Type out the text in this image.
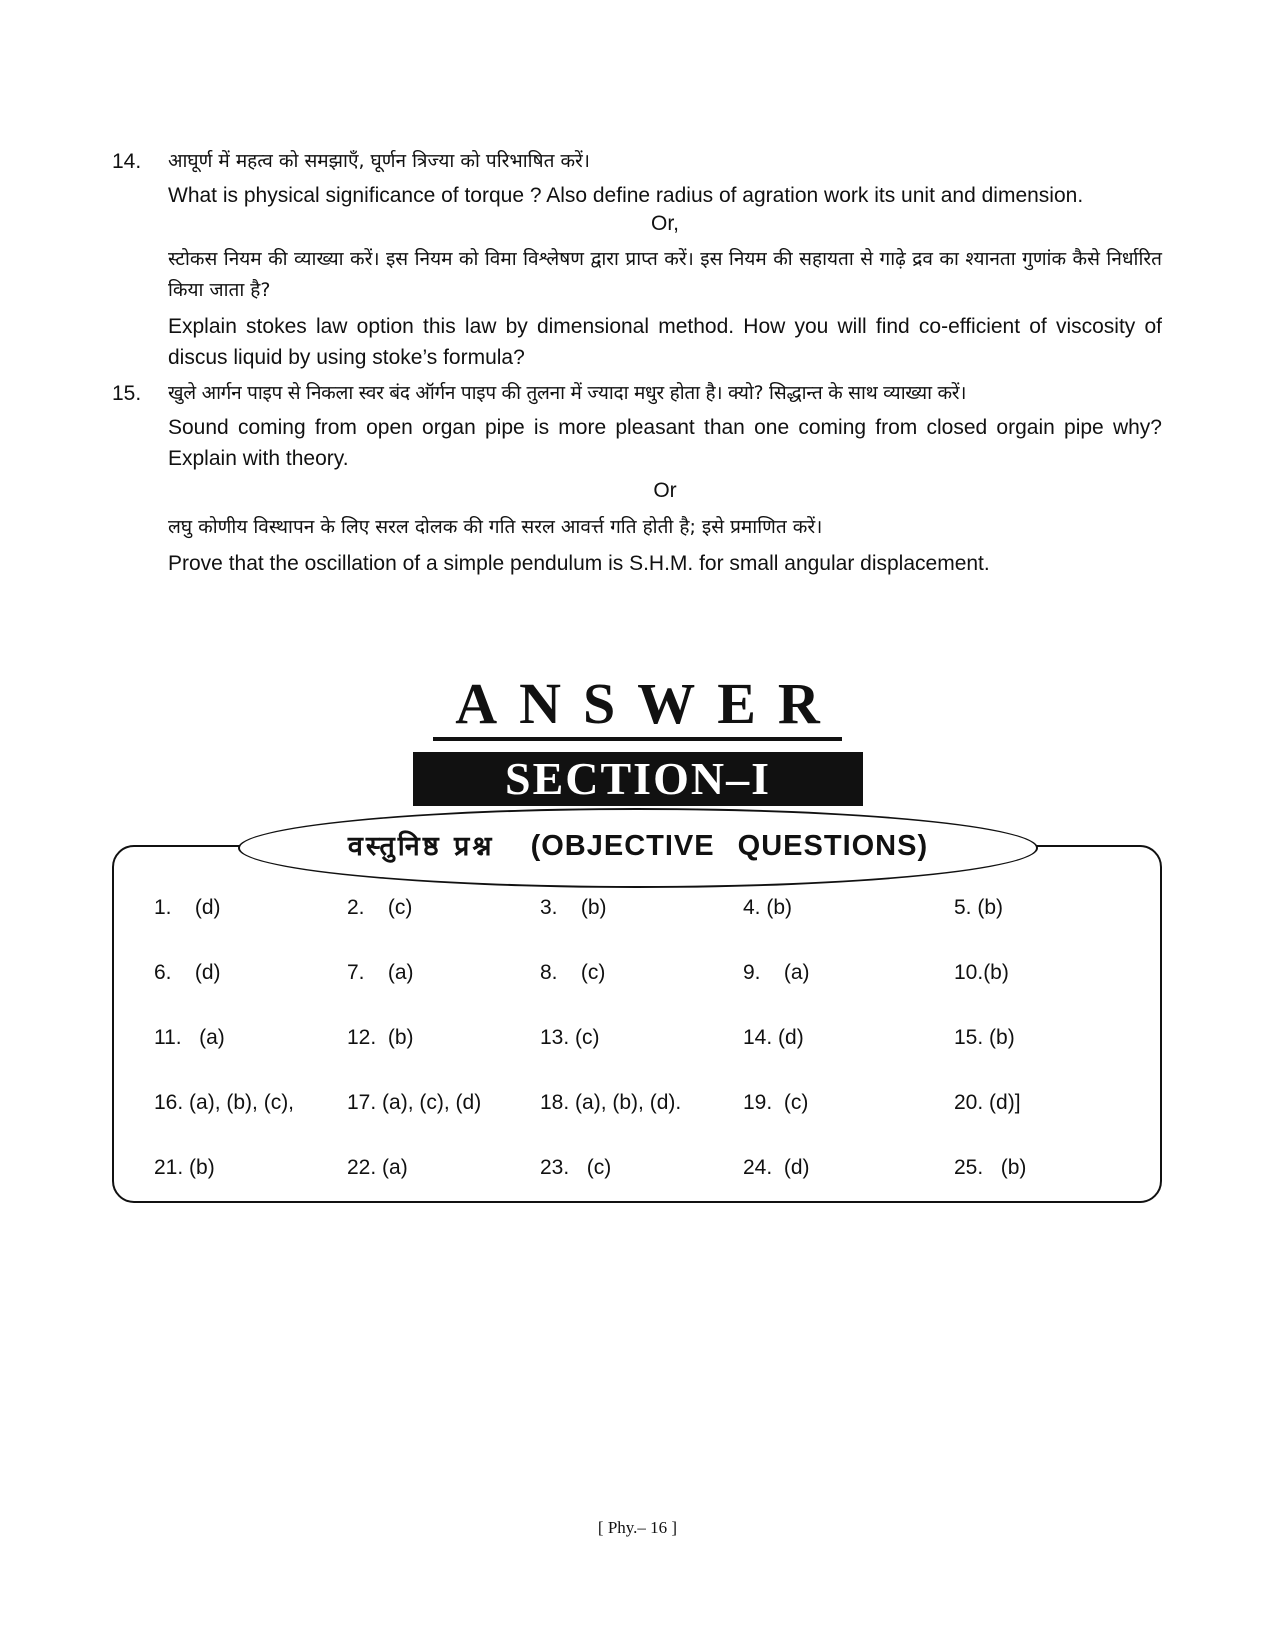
14. आघूर्ण में महत्व को समझाएँ, घूर्णन त्रिज्या को परिभाषित करें।
What is physical significance of torque ? Also define radius of agration work its unit and dimension.
Or,
स्टोकस नियम की व्याख्या करें। इस नियम को विमा विश्लेषण द्वारा प्राप्त करें। इस नियम की सहायता से गाढ़े द्रव का श्यानता गुणांक कैसे निर्धारित किया जाता है?
Explain stokes law option this law by dimensional method. How you will find co-efficient of viscosity of discus liquid by using stoke’s formula?
15. खुले आर्गन पाइप से निकला स्वर बंद ऑर्गन पाइप की तुलना में ज्यादा मधुर होता है। क्यो? सिद्धान्त के साथ व्याख्या करें।
Sound coming from open organ pipe is more pleasant than one coming from closed orgain pipe why? Explain with theory.
Or
लघु कोणीय विस्थापन के लिए सरल दोलक की गति सरल आवर्त्त गति होती है; इसे प्रमाणित करें।
Prove that the oscillation of a simple pendulum is S.H.M. for small angular displacement.
ANSWER
SECTION–I
वस्तुनिष्ठ प्रश्न (OBJECTIVE QUESTIONS)
1.    (d)	2.    (c)	3.    (b)	4. (b)	5. (b)
6.    (d)	7.    (a)	8.    (c)	9.    (a)	10.(b)
11.   (a)	12.  (b)	13. (c)	14. (d)	15. (b)
16. (a), (b), (c),	17. (a), (c), (d)	18. (a), (b), (d).	19.  (c)	20. (d)]
21. (b)	22. (a)	23.   (c)	24.  (d)	25.   (b)
[ Phy.– 16 ]
